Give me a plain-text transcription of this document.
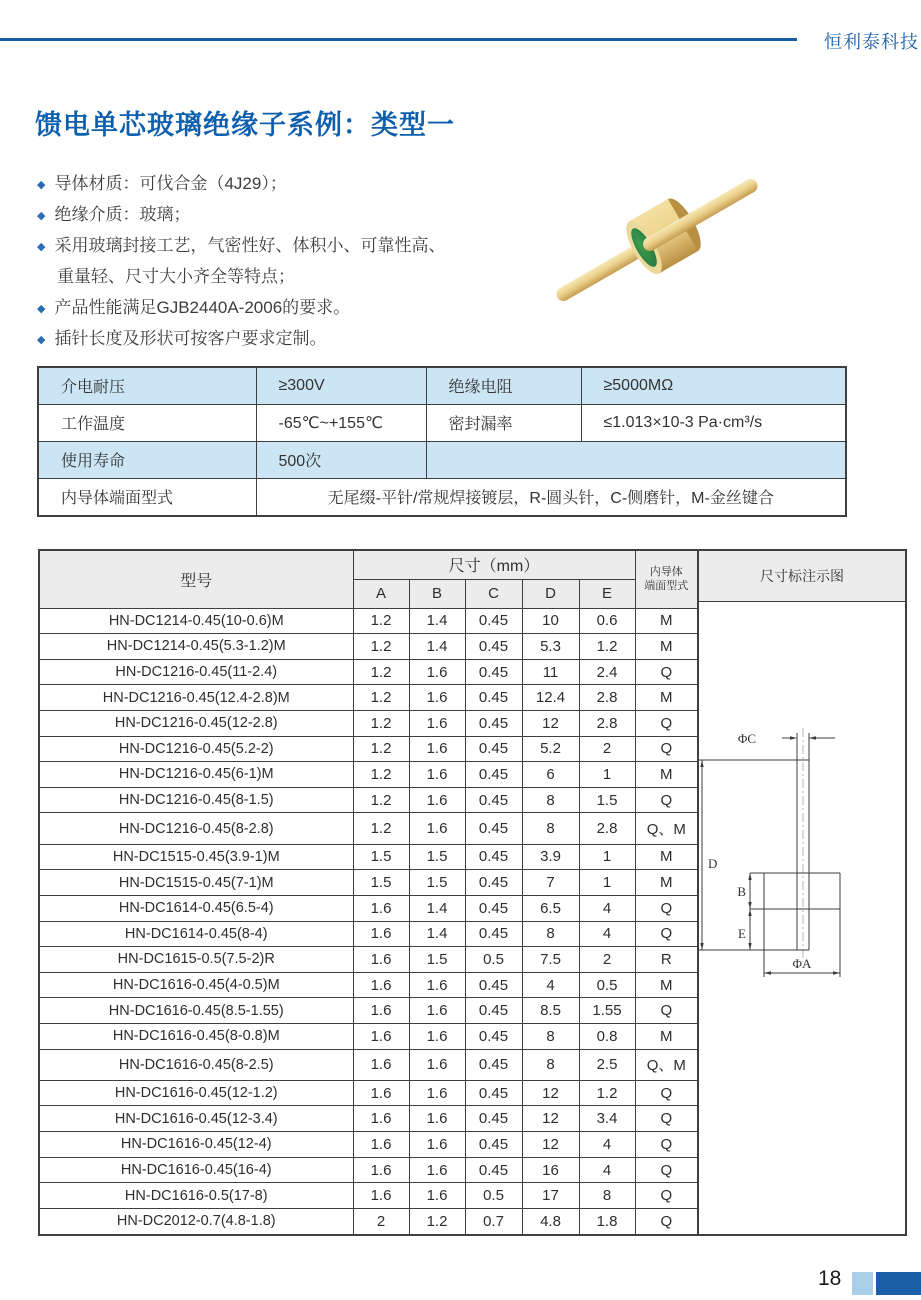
恒利泰科技
馈电单芯玻璃绝缘子系例：类型一
◆ 导体材质：可伐合金（4J29）；
◆ 绝缘介质：玻璃；
◆ 采用玻璃封接工艺，气密性好、体积小、可靠性高、
重量轻、尺寸大小齐全等特点；
◆ 产品性能满足GJB2440A-2006的要求。
◆ 插针长度及形状可按客户要求定制。
介电耐压	≥300V	绝缘电阻	≥5000MΩ
工作温度	-65℃~+155℃	密封漏率	≤1.013×10-3 Pa·cm³/s
使用寿命	500次		
内导体端面型式	无尾缀-平针/常规焊接镀层，R-圆头针，C-侧磨针，M-金丝键合		
型号	尺寸（mm）					内导体
端面型式

	A	B	C	D	E	
HN-DC1214-0.45(10-0.6)M	1.2	1.4	0.45	10	0.6	M
HN-DC1214-0.45(5.3-1.2)M	1.2	1.4	0.45	5.3	1.2	M
HN-DC1216-0.45(11-2.4)	1.2	1.6	0.45	11	2.4	Q
HN-DC1216-0.45(12.4-2.8)M	1.2	1.6	0.45	12.4	2.8	M
HN-DC1216-0.45(12-2.8)	1.2	1.6	0.45	12	2.8	Q
HN-DC1216-0.45(5.2-2)	1.2	1.6	0.45	5.2	2	Q
HN-DC1216-0.45(6-1)M	1.2	1.6	0.45	6	1	M
HN-DC1216-0.45(8-1.5)	1.2	1.6	0.45	8	1.5	Q
HN-DC1216-0.45(8-2.8)	1.2	1.6	0.45	8	2.8	Q、M
HN-DC1515-0.45(3.9-1)M	1.5	1.5	0.45	3.9	1	M
HN-DC1515-0.45(7-1)M	1.5	1.5	0.45	7	1	M
HN-DC1614-0.45(6.5-4)	1.6	1.4	0.45	6.5	4	Q
HN-DC1614-0.45(8-4)	1.6	1.4	0.45	8	4	Q
HN-DC1615-0.5(7.5-2)R	1.6	1.5	0.5	7.5	2	R
HN-DC1616-0.45(4-0.5)M	1.6	1.6	0.45	4	0.5	M
HN-DC1616-0.45(8.5-1.55)	1.6	1.6	0.45	8.5	1.55	Q
HN-DC1616-0.45(8-0.8)M	1.6	1.6	0.45	8	0.8	M
HN-DC1616-0.45(8-2.5)	1.6	1.6	0.45	8	2.5	Q、M
HN-DC1616-0.45(12-1.2)	1.6	1.6	0.45	12	1.2	Q
HN-DC1616-0.45(12-3.4)	1.6	1.6	0.45	12	3.4	Q
HN-DC1616-0.45(12-4)	1.6	1.6	0.45	12	4	Q
HN-DC1616-0.45(16-4)	1.6	1.6	0.45	16	4	Q
HN-DC1616-0.5(17-8)	1.6	1.6	0.5	17	8	Q
HN-DC2012-0.7(4.8-1.8)	2	1.2	0.7	4.8	1.8	Q
尺寸标注示图
ΦC
D
B
E
ΦA
18
